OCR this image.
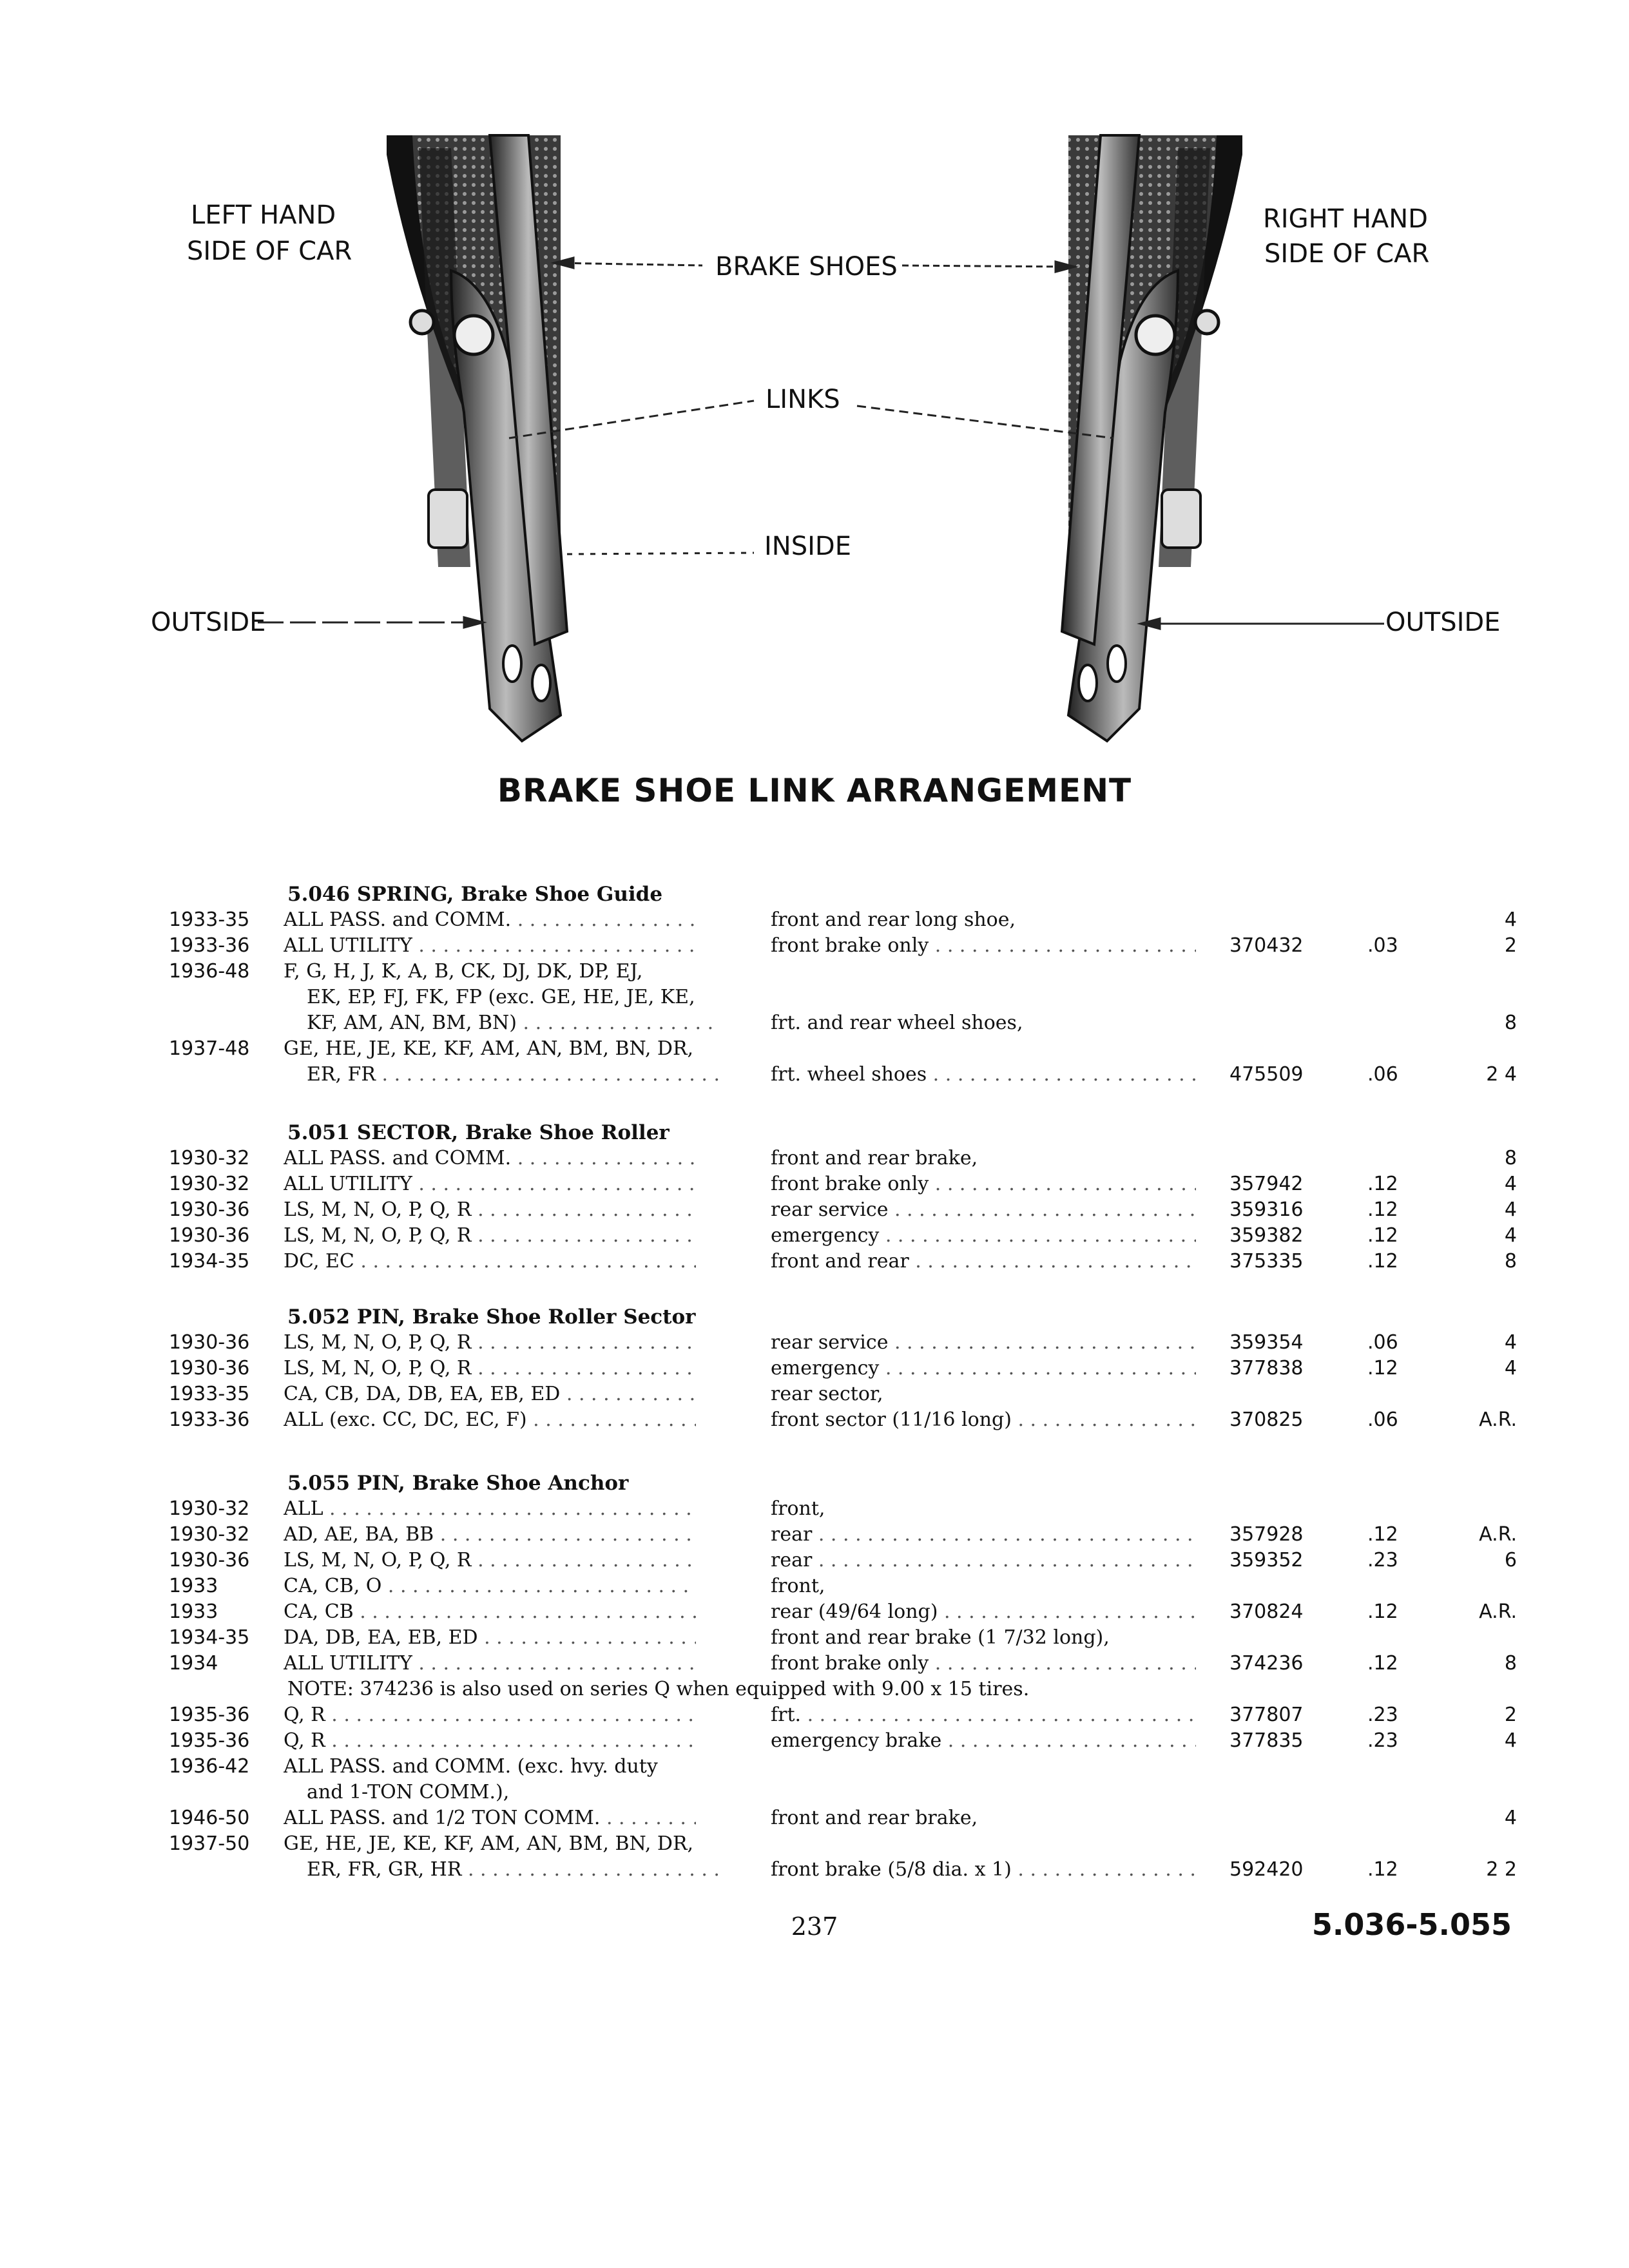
LEFT HAND
SIDE OF CAR
RIGHT HAND
SIDE OF CAR
BRAKE SHOES
LINKS
INSIDE
OUTSIDE	OUTSIDE
BRAKE SHOE LINK ARRANGEMENT
5.046 SPRING, Brake Shoe Guide
1933-35 ALL PASS. and COMM. . . .	front and rear long shoe,	4
1933-36 ALL UTILITY . . .	front brake only . . .	370432	.03	2
1936-48 F, G, H, J, K, A, B, CK, DJ, DK, DP, EJ,
EK, EP, FJ, FK, FP (exc. GE, HE, JE, KE,
KF, AM, AN, BM, BN) . . .	frt. and rear wheel shoes,	8
1937-48 GE, HE, JE, KE, KF, AM, AN, BM, BN, DR,
ER, FR . . .	frt. wheel shoes . . .	475509	.06	2 4
5.051 SECTOR, Brake Shoe Roller
1930-32 ALL PASS. and COMM. . . .	front and rear brake,	8
1930-32 ALL UTILITY . . .	front brake only . . .	357942	.12	4
1930-36 LS, M, N, O, P, Q, R . . .	rear service . . .	359316	.12	4
1930-36 LS, M, N, O, P, Q, R . . .	emergency . . .	359382	.12	4
1934-35 DC, EC . . .	front and rear . . .	375335	.12	8
5.052 PIN, Brake Shoe Roller Sector
1930-36 LS, M, N, O, P, Q, R . . .	rear service . . .	359354	.06	4
1930-36 LS, M, N, O, P, Q, R . . .	emergency . . .	377838	.12	4
1933-35 CA, CB, DA, DB, EA, EB, ED . . .	rear sector,
1933-36 ALL (exc. CC, DC, EC, F) . . .	front sector (11/16 long) . . .	370825	.06	A.R.
5.055 PIN, Brake Shoe Anchor
1930-32 ALL . . .	front,
1930-32 AD, AE, BA, BB . . .	rear . . .	357928	.12	A.R.
1930-36 LS, M, N, O, P, Q, R . . .	rear . . .	359352	.23	6
1933	CA, CB, O . . .	front,
1933	CA, CB . . .	rear (49/64 long) . . .	370824	.12	A.R.
1934-35 DA, DB, EA, EB, ED . . .	front and rear brake (1 7/32 long),
1934	ALL UTILITY . . .	front brake only . . .	374236	.12	8
NOTE: 374236 is also used on series Q when equipped with 9.00 x 15 tires.
1935-36 Q, R . . .	frt. . . .	377807	.23	2
1935-36 Q, R . . .	emergency brake . . .	377835	.23	4
1936-42 ALL PASS. and COMM. (exc. hvy. duty
and 1-TON COMM.),
1946-50 ALL PASS. and 1/2 TON COMM. . . .	front and rear brake,	4
1937-50 GE, HE, JE, KE, KF, AM, AN, BM, BN, DR,
ER, FR, GR, HR . . .	front brake (5/8 dia. x 1) . . .	592420	.12	2 2
237	5.036-5.055
